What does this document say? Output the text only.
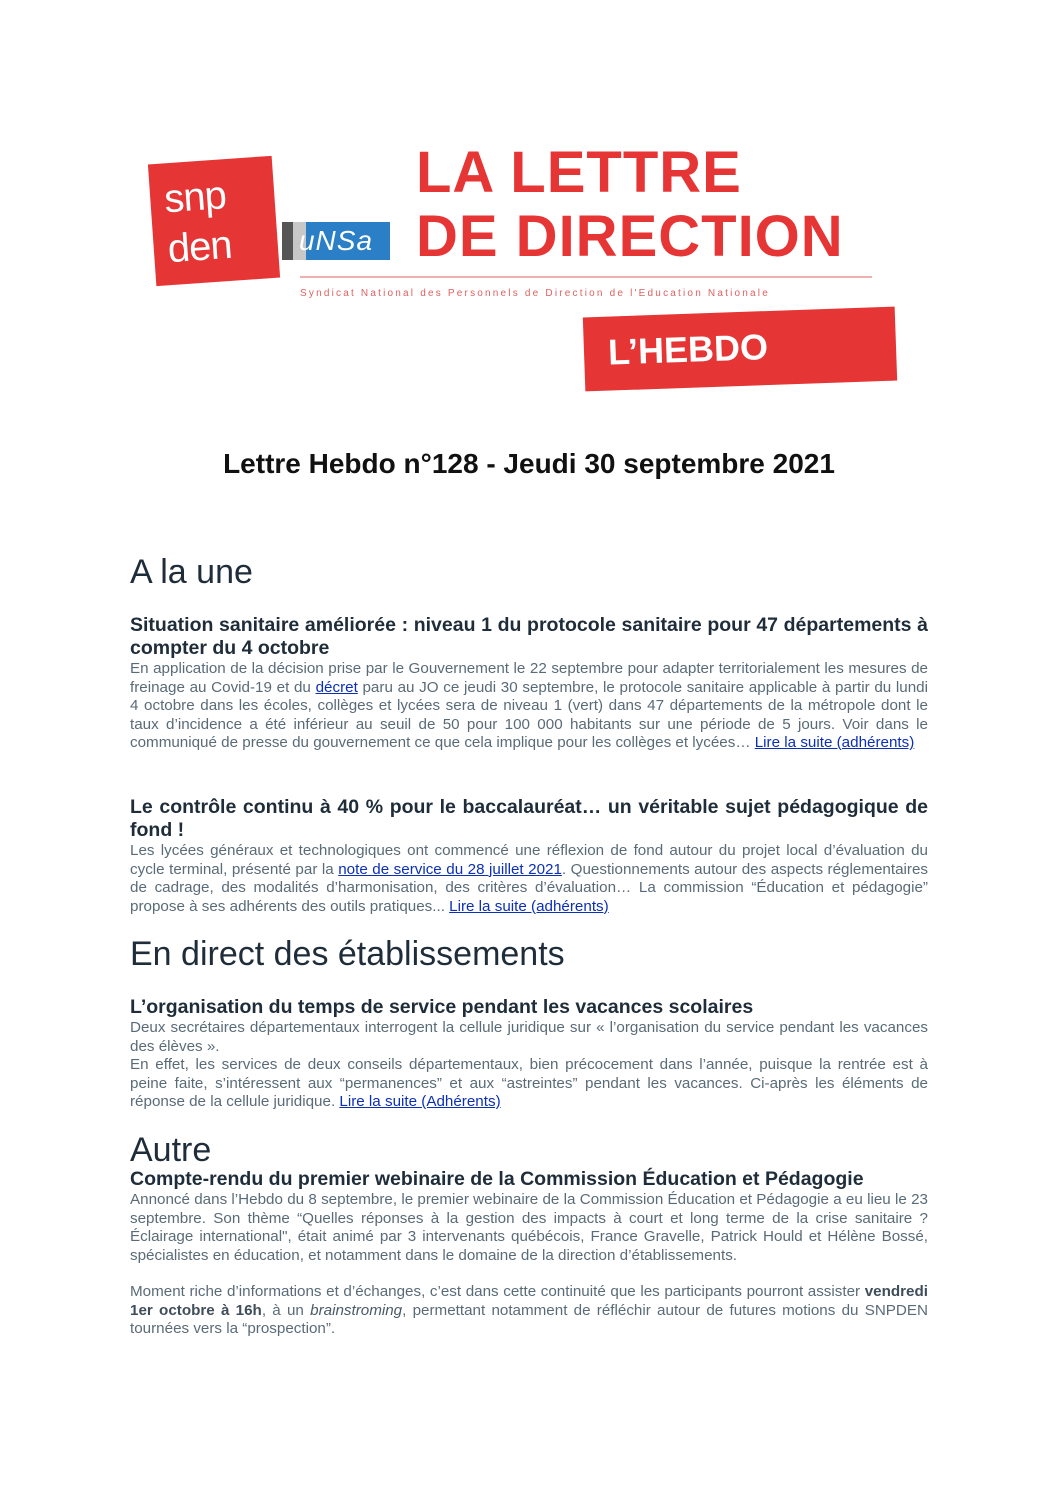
snp
den	uNSa
LA LETTRE
DE DIRECTION
Syndicat National des Personnels de Direction de l'Education Nationale
L’HEBDO
Lettre Hebdo n°128 - Jeudi 30 septembre 2021
A la une
Situation sanitaire améliorée : niveau 1 du protocole sanitaire pour 47 départements à compter du 4 octobre

En application de la décision prise par le Gouvernement le 22 septembre pour adapter territorialement les mesures de freinage au Covid-19 et du décret paru au JO ce jeudi 30 septembre, le protocole sanitaire applicable à partir du lundi 4 octobre dans les écoles, collèges et lycées sera de niveau 1 (vert) dans 47 départements de la métropole dont le taux d’incidence a été inférieur au seuil de 50 pour 100 000 habitants sur une période de 5 jours. Voir dans le communiqué de presse du gouvernement ce que cela implique pour les collèges et lycées… Lire la suite (adhérents)

Le contrôle continu à 40 % pour le baccalauréat… un véritable sujet pédagogique de fond !

Les lycées généraux et technologiques ont commencé une réflexion de fond autour du projet local d’évaluation du cycle terminal, présenté par la note de service du 28 juillet 2021. Questionnements autour des aspects réglementaires de cadrage, des modalités d’harmonisation, des critères d’évaluation… La commission “Éducation et pédagogie” propose à ses adhérents des outils pratiques... Lire la suite (adhérents)

En direct des établissements
L’organisation du temps de service pendant les vacances scolaires

Deux secrétaires départementaux interrogent la cellule juridique sur « l’organisation du service pendant les vacances des élèves ».

En effet, les services de deux conseils départementaux, bien précocement dans l’année, puisque la rentrée est à peine faite, s’intéressent aux “permanences” et aux “astreintes” pendant les vacances. Ci-après les éléments de réponse de la cellule juridique. Lire la suite (Adhérents)

Autre
Compte-rendu du premier webinaire de la Commission Éducation et Pédagogie

Annoncé dans l’Hebdo du 8 septembre, le premier webinaire de la Commission Éducation et Pédagogie a eu lieu le 23 septembre. Son thème “Quelles réponses à la gestion des impacts à court et long terme de la crise sanitaire ? Éclairage international", était animé par 3 intervenants québécois, France Gravelle, Patrick Hould et Hélène Bossé, spécialistes en éducation, et notamment dans le domaine de la direction d’établissements.

Moment riche d’informations et d’échanges, c’est dans cette continuité que les participants pourront assister vendredi 1er octobre à 16h, à un brainstroming, permettant notamment de réfléchir autour de futures motions du SNPDEN tournées vers la “prospection”.
